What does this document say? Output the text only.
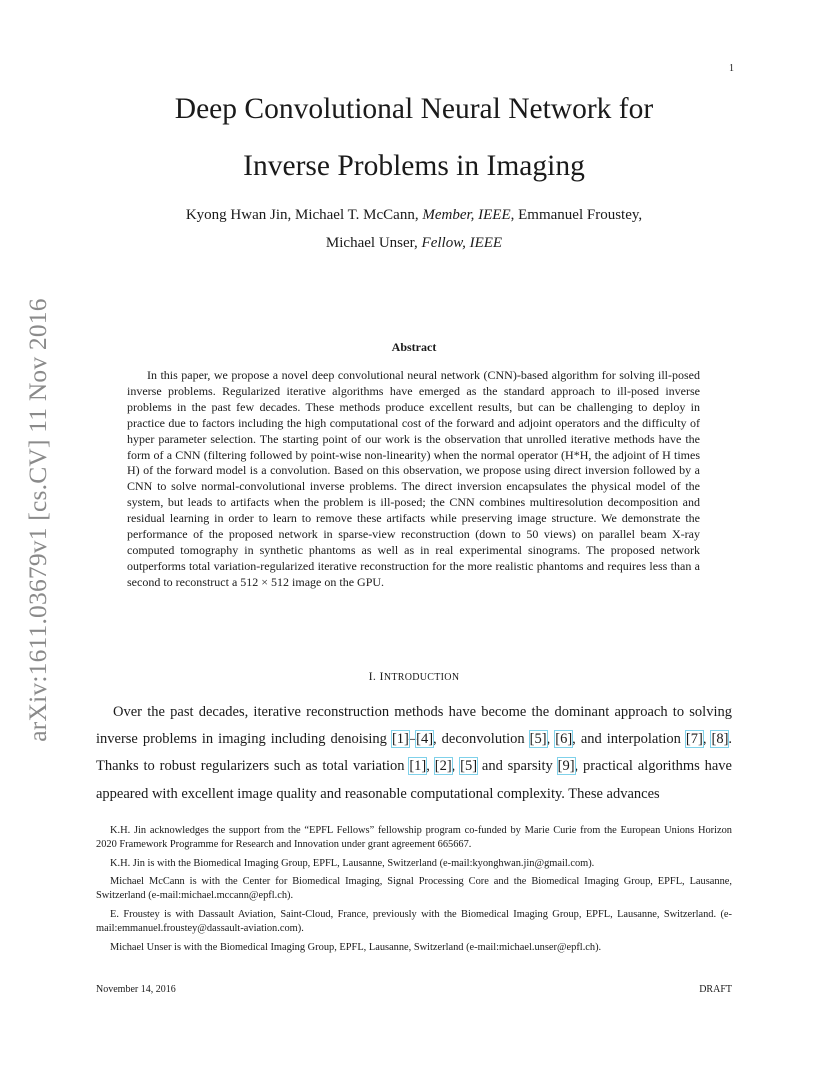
1
arXiv:1611.03679v1 [cs.CV] 11 Nov 2016
Deep Convolutional Neural Network for
Inverse Problems in Imaging
Kyong Hwan Jin, Michael T. McCann, Member, IEEE, Emmanuel Froustey,
Michael Unser, Fellow, IEEE
Abstract

In this paper, we propose a novel deep convolutional neural network (CNN)-based algorithm for solving ill-posed inverse problems. Regularized iterative algorithms have emerged as the standard approach to ill-posed inverse problems in the past few decades. These methods produce excellent results, but can be challenging to deploy in practice due to factors including the high computational cost of the forward and adjoint operators and the difficulty of hyper parameter selection. The starting point of our work is the observation that unrolled iterative methods have the form of a CNN (filtering followed by point-wise non-linearity) when the normal operator (H*H, the adjoint of H times H) of the forward model is a convolution. Based on this observation, we propose using direct inversion followed by a CNN to solve normal-convolutional inverse problems. The direct inversion encapsulates the physical model of the system, but leads to artifacts when the problem is ill-posed; the CNN combines multiresolution decomposition and residual learning in order to learn to remove these artifacts while preserving image structure. We demonstrate the performance of the proposed network in sparse-view reconstruction (down to 50 views) on parallel beam X-ray computed tomography in synthetic phantoms as well as in real experimental sinograms. The proposed network outperforms total variation-regularized iterative reconstruction for the more realistic phantoms and requires less than a second to reconstruct a 512 × 512 image on the GPU.

I. INTRODUCTION

Over the past decades, iterative reconstruction methods have become the dominant approach to solving inverse problems in imaging including denoising [1]–[4], deconvolution [5], [6], and interpolation [7], [8]. Thanks to robust regularizers such as total variation [1], [2], [5] and sparsity [9], practical algorithms have appeared with excellent image quality and reasonable computational complexity. These advances

K.H. Jin acknowledges the support from the “EPFL Fellows” fellowship program co-funded by Marie Curie from the European Unions Horizon 2020 Framework Programme for Research and Innovation under grant agreement 665667.

K.H. Jin is with the Biomedical Imaging Group, EPFL, Lausanne, Switzerland (e-mail:kyonghwan.jin@gmail.com).

Michael McCann is with the Center for Biomedical Imaging, Signal Processing Core and the Biomedical Imaging Group, EPFL, Lausanne, Switzerland (e-mail:michael.mccann@epfl.ch).

E. Froustey is with Dassault Aviation, Saint-Cloud, France, previously with the Biomedical Imaging Group, EPFL, Lausanne, Switzerland. (e-mail:emmanuel.froustey@dassault-aviation.com).

Michael Unser is with the Biomedical Imaging Group, EPFL, Lausanne, Switzerland (e-mail:michael.unser@epfl.ch).

November 14, 2016	DRAFT
